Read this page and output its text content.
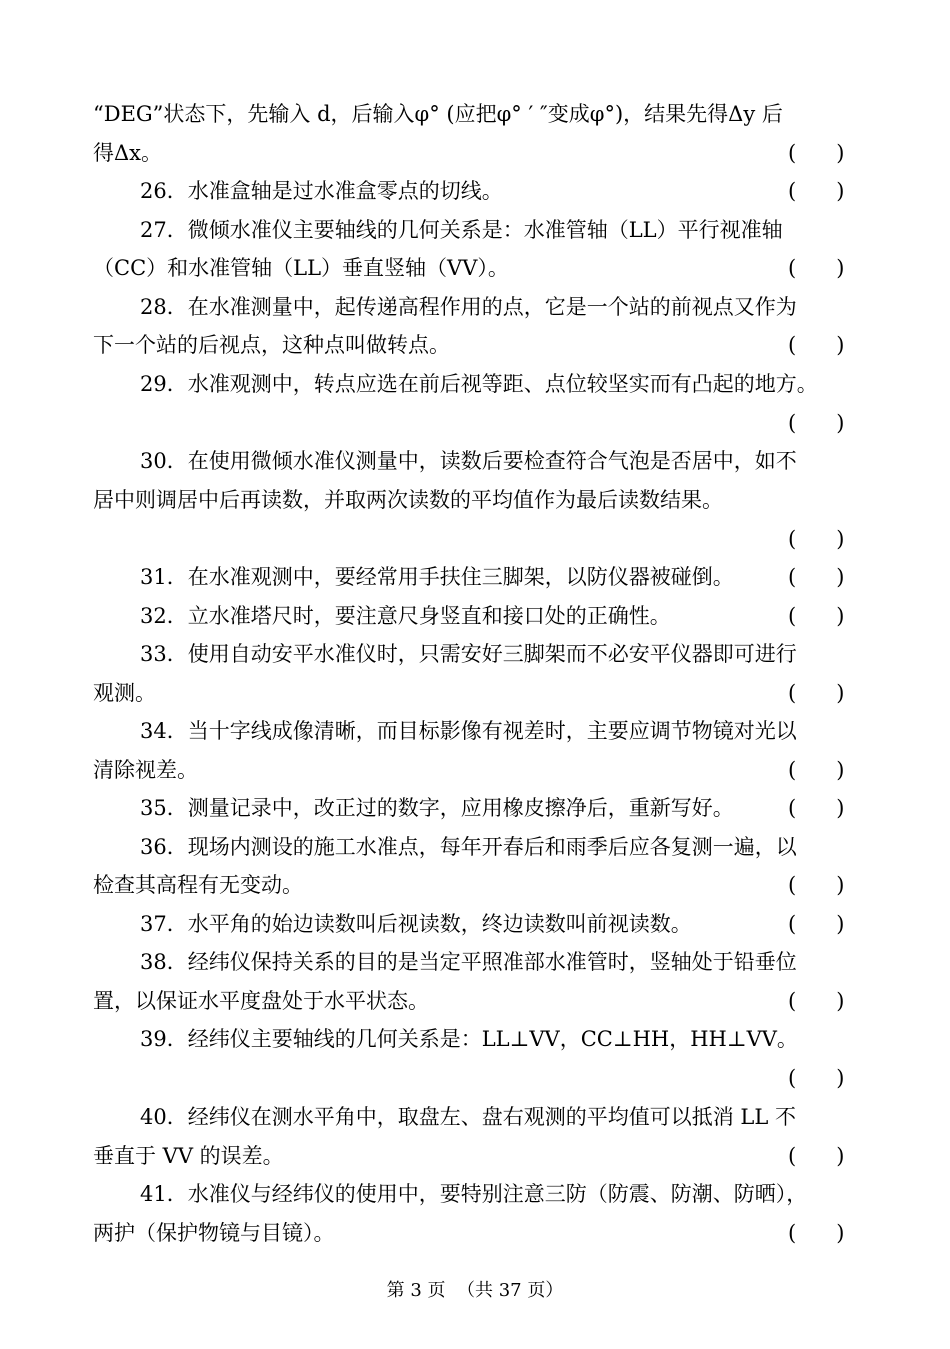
“DEG”状态下，先输入 d，后输入φ° (应把φ° ′ ″变成φ°)，结果先得Δy 后
得Δx。	(      )
26．水准盒轴是过水准盒零点的切线。	(      )
27．微倾水准仪主要轴线的几何关系是：水准管轴（LL）平行视准轴
（CC）和水准管轴（LL）垂直竖轴（VV）。	(      )
28．在水准测量中，起传递高程作用的点，它是一个站的前视点又作为
下一个站的后视点，这种点叫做转点。	(      )
29．水准观测中，转点应选在前后视等距、点位较坚实而有凸起的地方。
(      )
30．在使用微倾水准仪测量中，读数后要检查符合气泡是否居中，如不
居中则调居中后再读数，并取两次读数的平均值作为最后读数结果。
(      )
31．在水准观测中，要经常用手扶住三脚架，以防仪器被碰倒。	(      )
32．立水准塔尺时，要注意尺身竖直和接口处的正确性。	(      )
33．使用自动安平水准仪时，只需安好三脚架而不必安平仪器即可进行
观测。	(      )
34．当十字线成像清晰，而目标影像有视差时，主要应调节物镜对光以
清除视差。	(      )
35．测量记录中，改正过的数字，应用橡皮擦净后，重新写好。	(      )
36．现场内测设的施工水准点，每年开春后和雨季后应各复测一遍，以
检查其高程有无变动。	(      )
37．水平角的始边读数叫后视读数，终边读数叫前视读数。	(      )
38．经纬仪保持关系的目的是当定平照准部水准管时，竖轴处于铅垂位
置，以保证水平度盘处于水平状态。	(      )
39．经纬仪主要轴线的几何关系是：LL⊥VV，CC⊥HH，HH⊥VV。
(      )
40．经纬仪在测水平角中，取盘左、盘右观测的平均值可以抵消 LL 不
垂直于 VV 的误差。	(      )
41．水准仪与经纬仪的使用中，要特别注意三防（防震、防潮、防晒），
两护（保护物镜与目镜）。	(      )
第 3 页  （共 37 页）
